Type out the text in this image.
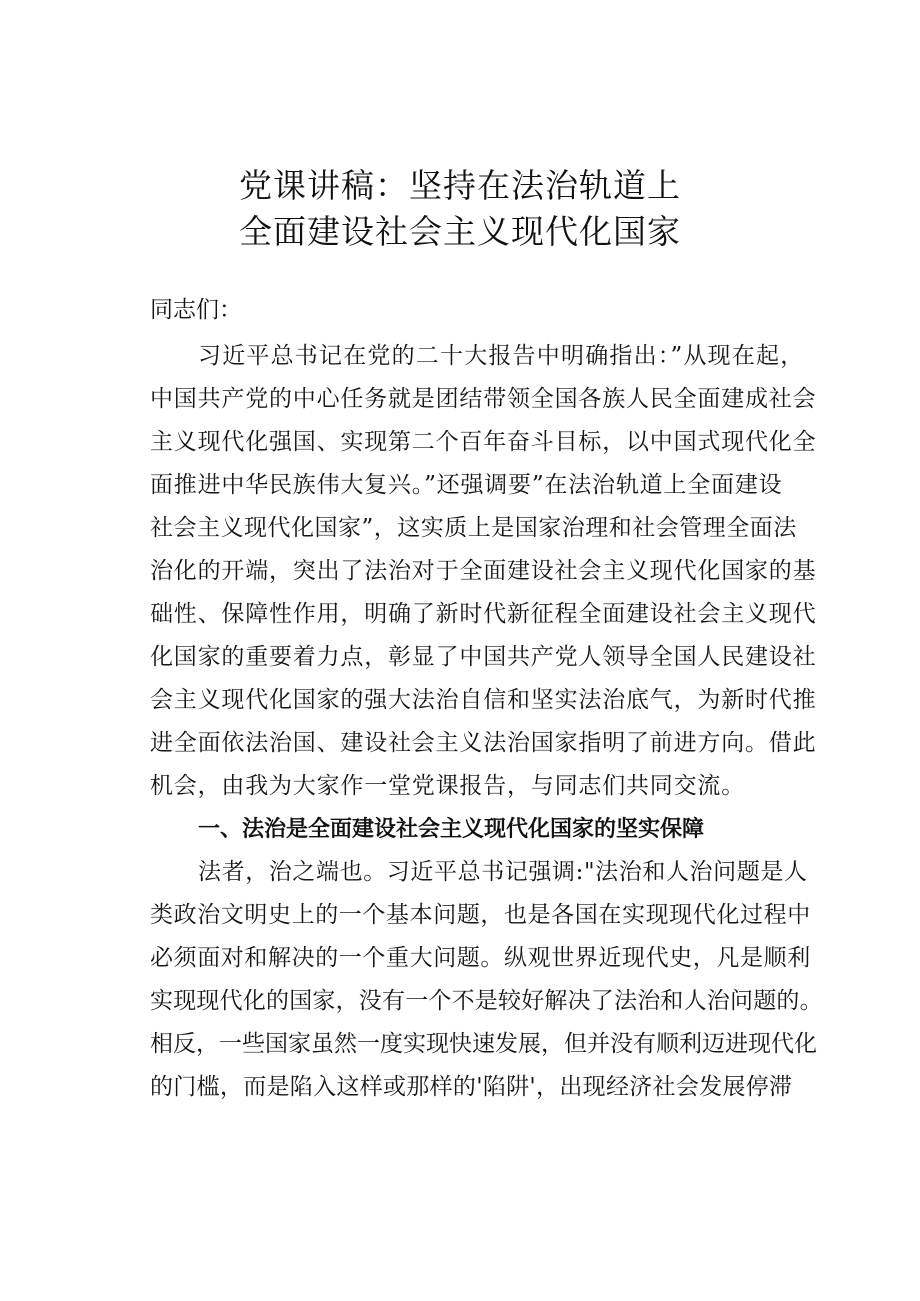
党课讲稿：坚持在法治轨道上
全面建设社会主义现代化国家
同志们：
习近平总书记在党的二十大报告中明确指出：”从现在起，
中国共产党的中心任务就是团结带领全国各族人民全面建成社会
主义现代化强国、实现第二个百年奋斗目标，以中国式现代化全
面推进中华民族伟大复兴。”还强调要”在法治轨道上全面建设
社会主义现代化国家”，这实质上是国家治理和社会管理全面法
治化的开端，突出了法治对于全面建设社会主义现代化国家的基
础性、保障性作用，明确了新时代新征程全面建设社会主义现代
化国家的重要着力点，彰显了中国共产党人领导全国人民建设社
会主义现代化国家的强大法治自信和坚实法治底气，为新时代推
进全面依法治国、建设社会主义法治国家指明了前进方向。借此
机会，由我为大家作一堂党课报告，与同志们共同交流。
一、法治是全面建设社会主义现代化国家的坚实保障
法者，治之端也。习近平总书记强调:"法治和人治问题是人
类政治文明史上的一个基本问题，也是各国在实现现代化过程中
必须面对和解决的一个重大问题。纵观世界近现代史，凡是顺利
实现现代化的国家，没有一个不是较好解决了法治和人治问题的。
相反，一些国家虽然一度实现快速发展，但并没有顺利迈进现代化
的门槛，而是陷入这样或那样的'陷阱'，出现经济社会发展停滞
